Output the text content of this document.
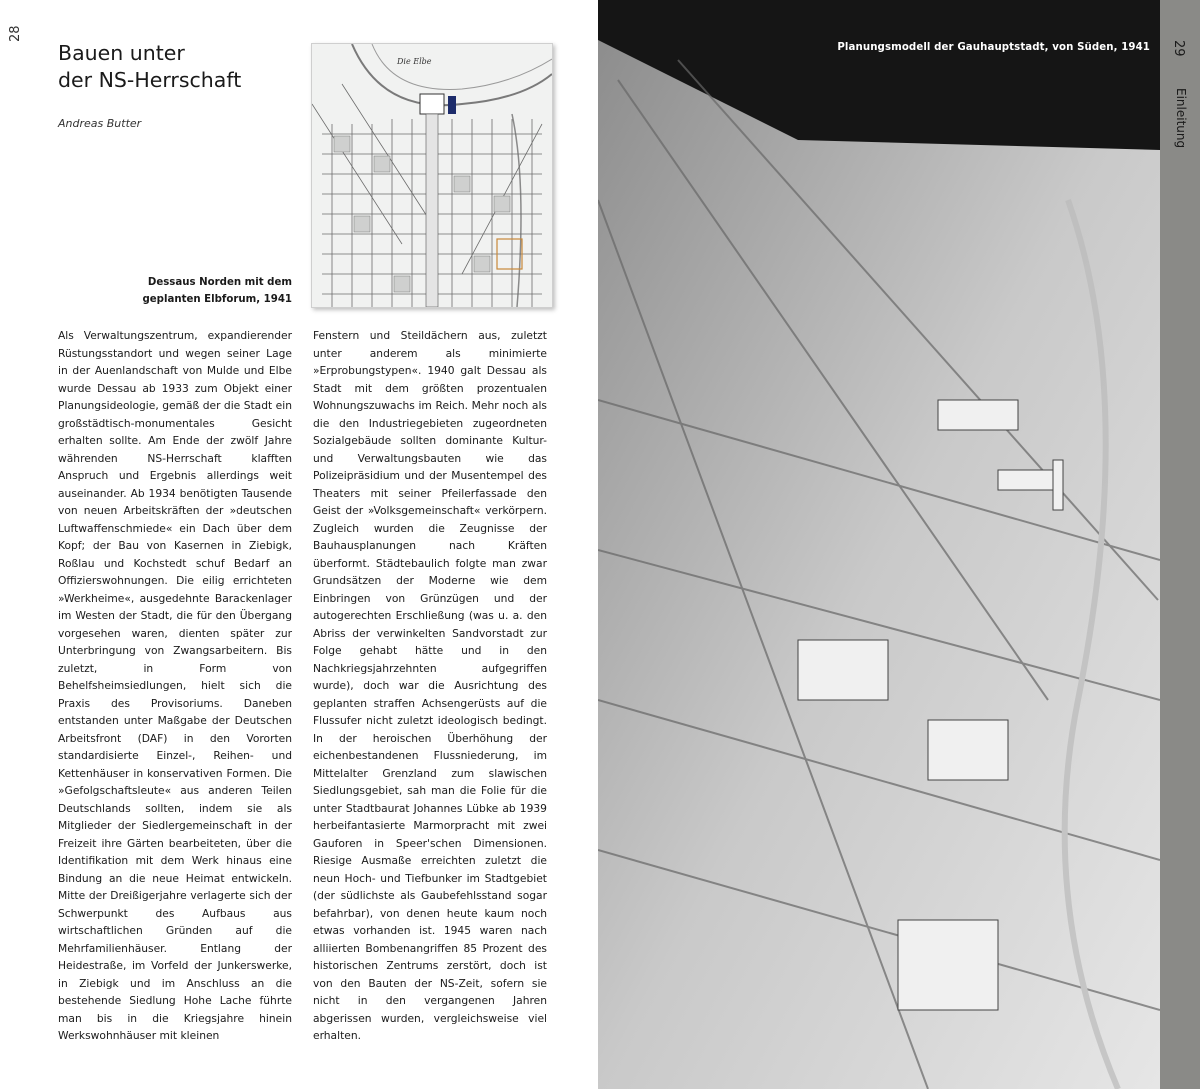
28
Bauen unter
der NS-Herrschaft
Andreas Butter
Die Elbe
Dessaus Norden mit dem
geplanten Elbforum, 1941

Als Verwaltungszentrum, expandierender Rüstungsstandort und wegen seiner Lage in der Auenlandschaft von Mulde und Elbe wurde Dessau ab 1933 zum Objekt einer Planungsideologie, gemäß der die Stadt ein großstädtisch-monumentales Gesicht erhalten sollte. Am Ende der zwölf Jahre währenden NS-Herrschaft klafften Anspruch und Ergebnis allerdings weit auseinander. Ab 1934 benötigten Tausende von neuen Arbeitskräften der »deutschen Luftwaffenschmiede« ein Dach über dem Kopf; der Bau von Kasernen in Ziebigk, Roßlau und Kochstedt schuf Bedarf an Offizierswohnungen. Die eilig errichteten »Werkheime«, ausgedehnte Barackenlager im Westen der Stadt, die für den Übergang vorgesehen waren, dienten später zur Unterbringung von Zwangsarbeitern. Bis zuletzt, in Form von Behelfsheimsiedlungen, hielt sich die Praxis des Provisoriums. Daneben entstanden unter Maßgabe der Deutschen Arbeitsfront (DAF) in den Vororten standardisierte Einzel-, Reihen- und Kettenhäuser in konservativen Formen. Die »Gefolgschaftsleute« aus anderen Teilen Deutschlands sollten, indem sie als Mitglieder der Siedlergemeinschaft in der Freizeit ihre Gärten bearbeiteten, über die Identifikation mit dem Werk hinaus eine Bindung an die neue Heimat entwickeln. Mitte der Dreißigerjahre verlagerte sich der Schwerpunkt des Aufbaus aus wirtschaftlichen Gründen auf die Mehrfamilienhäuser. Entlang der Heidestraße, im Vorfeld der Junkerswerke, in Ziebigk und im Anschluss an die bestehende Siedlung Hohe Lache führte man bis in die Kriegsjahre hinein Werkswohnhäuser mit kleinen

Fenstern und Steildächern aus, zuletzt unter anderem als minimierte »Erprobungstypen«. 1940 galt Dessau als Stadt mit dem größten prozentualen Wohnungszuwachs im Reich. Mehr noch als die den Industriegebieten zugeordneten Sozialgebäude sollten dominante Kultur- und Verwaltungsbauten wie das Polizeipräsidium und der Musentempel des Theaters mit seiner Pfeilerfassade den Geist der »Volksgemeinschaft« verkörpern. Zugleich wurden die Zeugnisse der Bauhausplanungen nach Kräften überformt. Städtebaulich folgte man zwar Grundsätzen der Moderne wie dem Einbringen von Grünzügen und der autogerechten Erschließung (was u. a. den Abriss der verwinkelten Sandvorstadt zur Folge gehabt hätte und in den Nachkriegsjahrzehnten aufgegriffen wurde), doch war die Ausrichtung des geplanten straffen Achsengerüsts auf die Flussufer nicht zuletzt ideologisch bedingt. In der heroischen Überhöhung der eichenbestandenen Flussniederung, im Mittelalter Grenzland zum slawischen Siedlungsgebiet, sah man die Folie für die unter Stadtbaurat Johannes Lübke ab 1939 herbeifantasierte Marmorpracht mit zwei Gauforen in Speer'schen Dimensionen. Riesige Ausmaße erreichten zuletzt die neun Hoch- und Tiefbunker im Stadtgebiet (der südlichste als Gaubefehlsstand sogar befahrbar), von denen heute kaum noch etwas vorhanden ist. 1945 waren nach alliierten Bombenangriffen 85 Prozent des historischen Zentrums zerstört, doch ist von den Bauten der NS-Zeit, sofern sie nicht in den vergangenen Jahren abgerissen wurden, vergleichsweise viel erhalten.

Planungsmodell der Gauhauptstadt, von Süden, 1941 29
Einleitung
